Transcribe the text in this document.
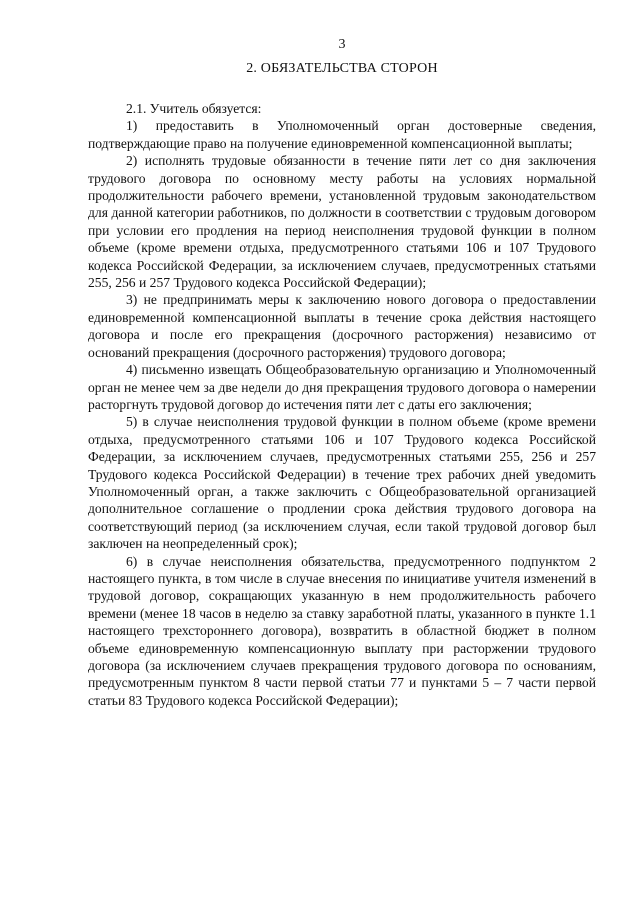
3
2. ОБЯЗАТЕЛЬСТВА СТОРОН

2.1. Учитель обязуется:

1) предоставить в Уполномоченный орган достоверные сведения, подтверждающие право на получение единовременной компенсационной выплаты;

2) исполнять трудовые обязанности в течение пяти лет со дня заключения трудового договора по основному месту работы на условиях нормальной продолжительности рабочего времени, установленной трудовым законодательством для данной категории работников, по должности в соответствии с трудовым договором при условии его продления на период неисполнения трудовой функции в полном объеме (кроме времени отдыха, предусмотренного статьями 106 и 107 Трудового кодекса Российской Федерации, за исключением случаев, предусмотренных статьями 255, 256 и 257 Трудового кодекса Российской Федерации);

3) не предпринимать меры к заключению нового договора о предоставлении единовременной компенсационной выплаты в течение срока действия настоящего договора и после его прекращения (досрочного расторжения) независимо от оснований прекращения (досрочного расторжения) трудового договора;

4) письменно извещать Общеобразовательную организацию и Уполномоченный орган не менее чем за две недели до дня прекращения трудового договора о намерении расторгнуть трудовой договор до истечения пяти лет с даты его заключения;

5) в случае неисполнения трудовой функции в полном объеме (кроме времени отдыха, предусмотренного статьями 106 и 107 Трудового кодекса Российской Федерации, за исключением случаев, предусмотренных статьями 255, 256 и 257 Трудового кодекса Российской Федерации) в течение трех рабочих дней уведомить Уполномоченный орган, а также заключить с Общеобразовательной организацией дополнительное соглашение о продлении срока действия трудового договора на соответствующий период (за исключением случая, если такой трудовой договор был заключен на неопределенный срок);

6) в случае неисполнения обязательства, предусмотренного подпунктом 2 настоящего пункта, в том числе в случае внесения по инициативе учителя изменений в трудовой договор, сокращающих указанную в нем продолжительность рабочего времени (менее 18 часов в неделю за ставку заработной платы, указанного в пункте 1.1 настоящего трехстороннего договора), возвратить в областной бюджет в полном объеме единовременную компенсационную выплату при расторжении трудового договора (за исключением случаев прекращения трудового договора по основаниям, предусмотренным пунктом 8 части первой статьи 77 и пунктами 5 – 7 части первой статьи 83 Трудового кодекса Российской Федерации);
